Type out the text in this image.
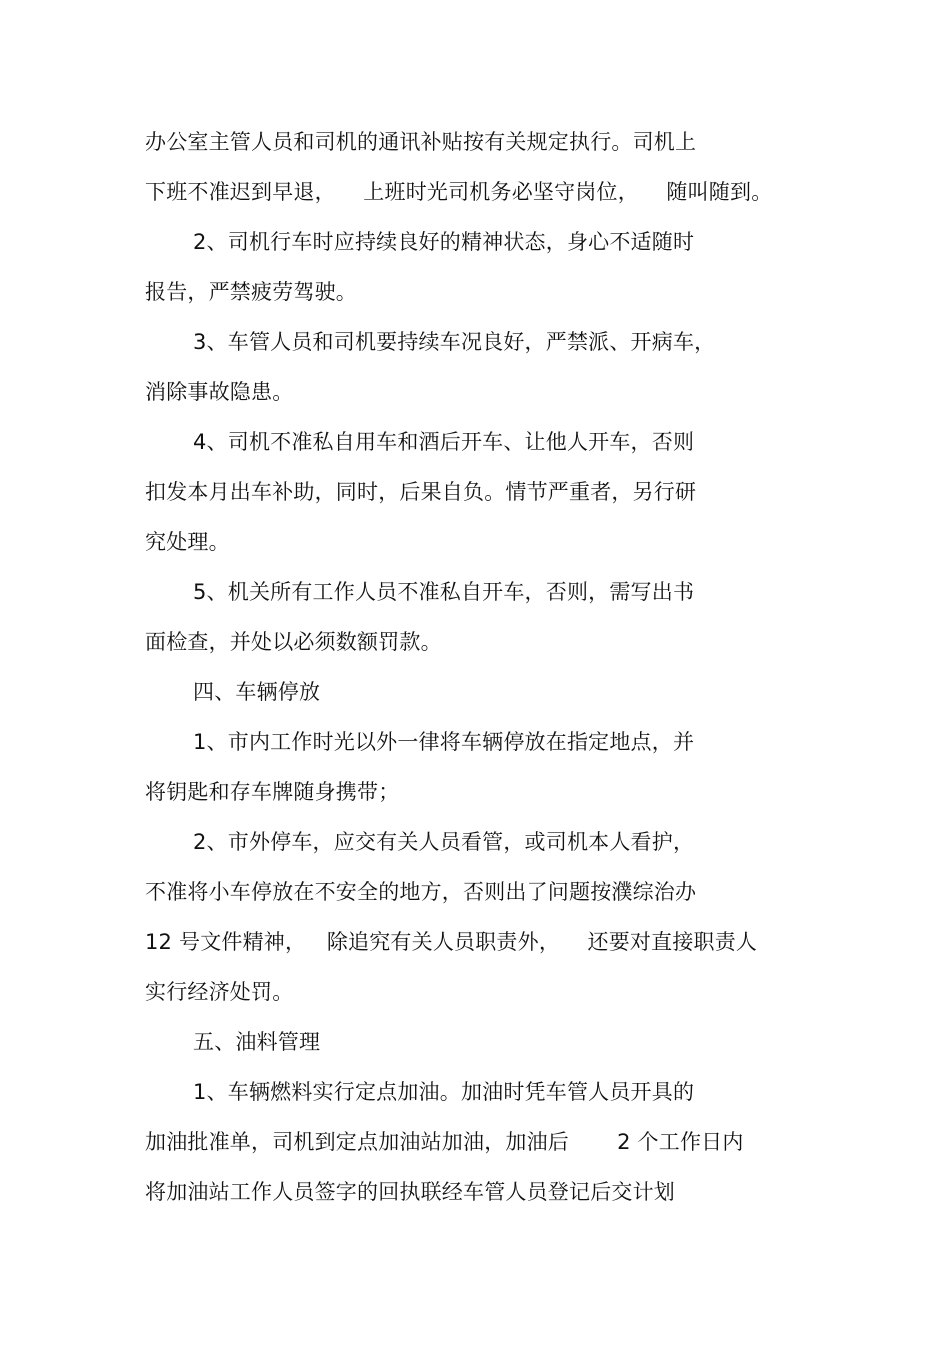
办公室主管人员和司机的通讯补贴按有关规定执行。司机上
下班不准迟到早退，    上班时光司机务必坚守岗位，    随叫随到。
2、司机行车时应持续良好的精神状态，身心不适随时
报告，严禁疲劳驾驶。
3、车管人员和司机要持续车况良好，严禁派、开病车，
消除事故隐患。
4、司机不准私自用车和酒后开车、让他人开车，否则
扣发本月出车补助，同时，后果自负。情节严重者，另行研
究处理。
5、机关所有工作人员不准私自开车，否则，需写出书
面检查，并处以必须数额罚款。
四、车辆停放
1、市内工作时光以外一律将车辆停放在指定地点，并
将钥匙和存车牌随身携带；
2、市外停车，应交有关人员看管，或司机本人看护，
不准将小车停放在不安全的地方，否则出了问题按濮综治办
12 号文件精神，   除追究有关人员职责外，    还要对直接职责人
实行经济处罚。
五、油料管理
1、车辆燃料实行定点加油。加油时凭车管人员开具的
加油批准单，司机到定点加油站加油，加油后       2 个工作日内
将加油站工作人员签字的回执联经车管人员登记后交计划
